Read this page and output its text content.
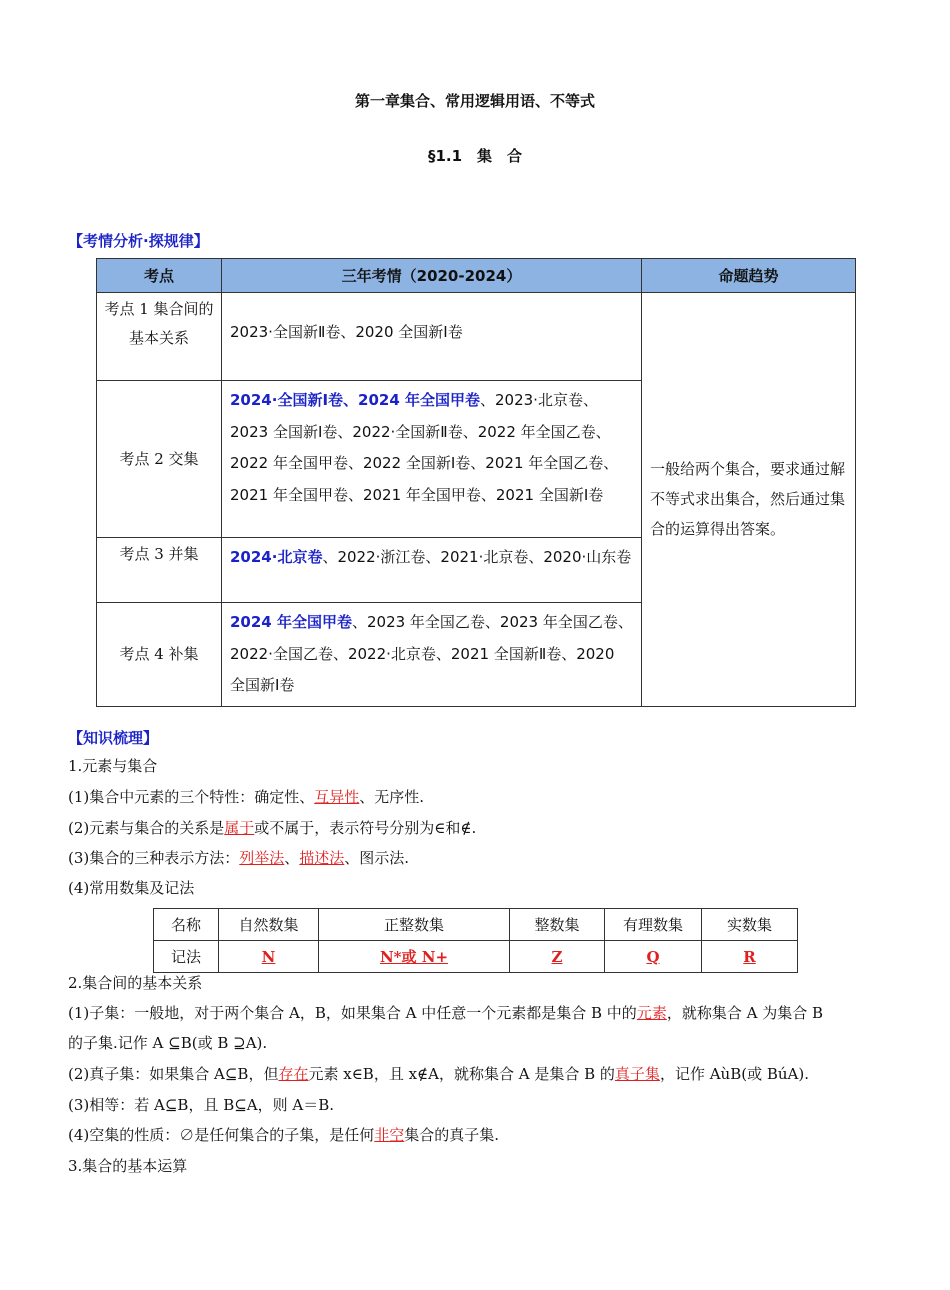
第一章集合、常用逻辑用语、不等式
§1.1　集　合
【考情分析·探规律】
考点	三年考情（2020-2024）	命题趋势
考点 1 集合间的基本关系	2023·全国新Ⅱ卷、2020 全国新Ⅰ卷	一般给两个集合，要求通过解不等式求出集合，然后通过集合的运算得出答案。
考点 2 交集	2024·全国新Ⅰ卷、2024 年全国甲卷、2023·北京卷、2023 全国新Ⅰ卷、2022·全国新Ⅱ卷、2022 年全国乙卷、2022 年全国甲卷、2022 全国新Ⅰ卷、2021 年全国乙卷、2021 年全国甲卷、2021 年全国甲卷、2021 全国新Ⅰ卷	
考点 3 并集	2024·北京卷、2022·浙江卷、2021·北京卷、2020·山东卷	
考点 4 补集	2024 年全国甲卷、2023 年全国乙卷、2023 年全国乙卷、2022·全国乙卷、2022·北京卷、2021 全国新Ⅱ卷、2020 全国新Ⅰ卷	
【知识梳理】
1.元素与集合
(1)集合中元素的三个特性：确定性、互异性、无序性.
(2)元素与集合的关系是属于或不属于，表示符号分别为∈和∉.
(3)集合的三种表示方法：列举法、描述法、图示法.
(4)常用数集及记法
名称	自然数集	正整数集	整数集	有理数集	实数集
记法	N	N*或 N+	Z	Q	R
2.集合间的基本关系
(1)子集：一般地，对于两个集合 A，B，如果集合 A 中任意一个元素都是集合 B 中的元素，就称集合 A 为集合 B
的子集.记作 A ⊆B(或 B ⊇A).
(2)真子集：如果集合 A⊆B，但存在元素 x∈B，且 x∉A，就称集合 A 是集合 B 的真子集，记作 AùB(或 BúA).
(3)相等：若 A⊆B，且 B⊆A，则 A＝B.
(4)空集的性质：∅是任何集合的子集，是任何非空集合的真子集.
3.集合的基本运算
